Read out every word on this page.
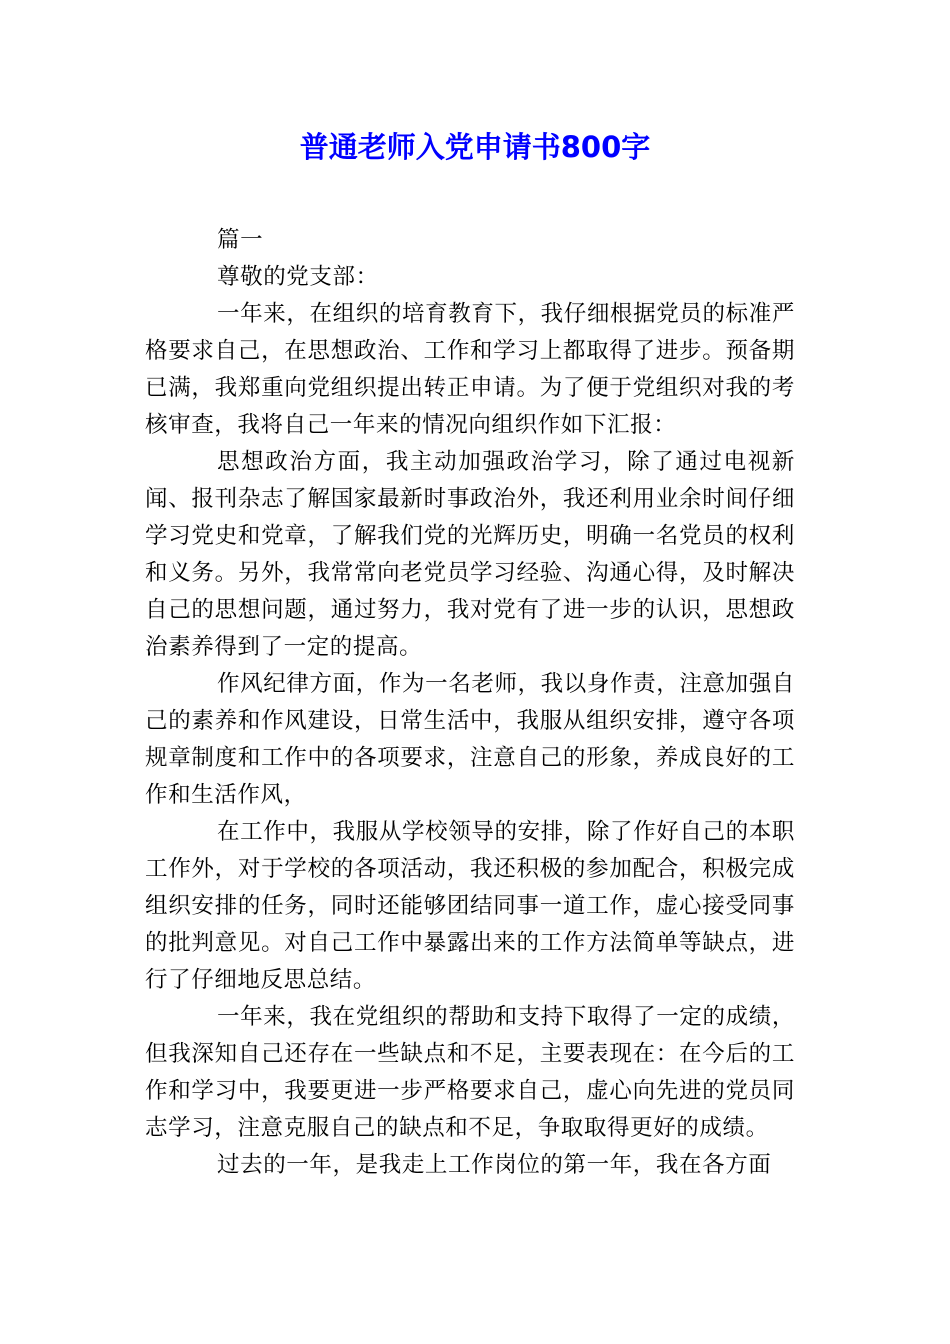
普通老师入党申请书800字

篇一

尊敬的党支部：

一年来，在组织的培育教育下，我仔细根据党员的标准严格要求自己，在思想政治、工作和学习上都取得了进步。预备期已满，我郑重向党组织提出转正申请。为了便于党组织对我的考核审查，我将自己一年来的情况向组织作如下汇报：

思想政治方面，我主动加强政治学习，除了通过电视新闻、报刊杂志了解国家最新时事政治外，我还利用业余时间仔细学习党史和党章，了解我们党的光辉历史，明确一名党员的权利和义务。另外，我常常向老党员学习经验、沟通心得，及时解决自己的思想问题，通过努力，我对党有了进一步的认识，思想政治素养得到了一定的提高。

作风纪律方面，作为一名老师，我以身作责，注意加强自己的素养和作风建设，日常生活中，我服从组织安排，遵守各项规章制度和工作中的各项要求，注意自己的形象，养成良好的工作和生活作风，

在工作中，我服从学校领导的安排，除了作好自己的本职工作外，对于学校的各项活动，我还积极的参加配合，积极完成组织安排的任务，同时还能够团结同事一道工作，虚心接受同事的批判意见。对自己工作中暴露出来的工作方法简单等缺点，进行了仔细地反思总结。

一年来，我在党组织的帮助和支持下取得了一定的成绩，但我深知自己还存在一些缺点和不足，主要表现在：在今后的工作和学习中，我要更进一步严格要求自己，虚心向先进的党员同志学习，注意克服自己的缺点和不足，争取取得更好的成绩。

过去的一年，是我走上工作岗位的第一年，我在各方面
